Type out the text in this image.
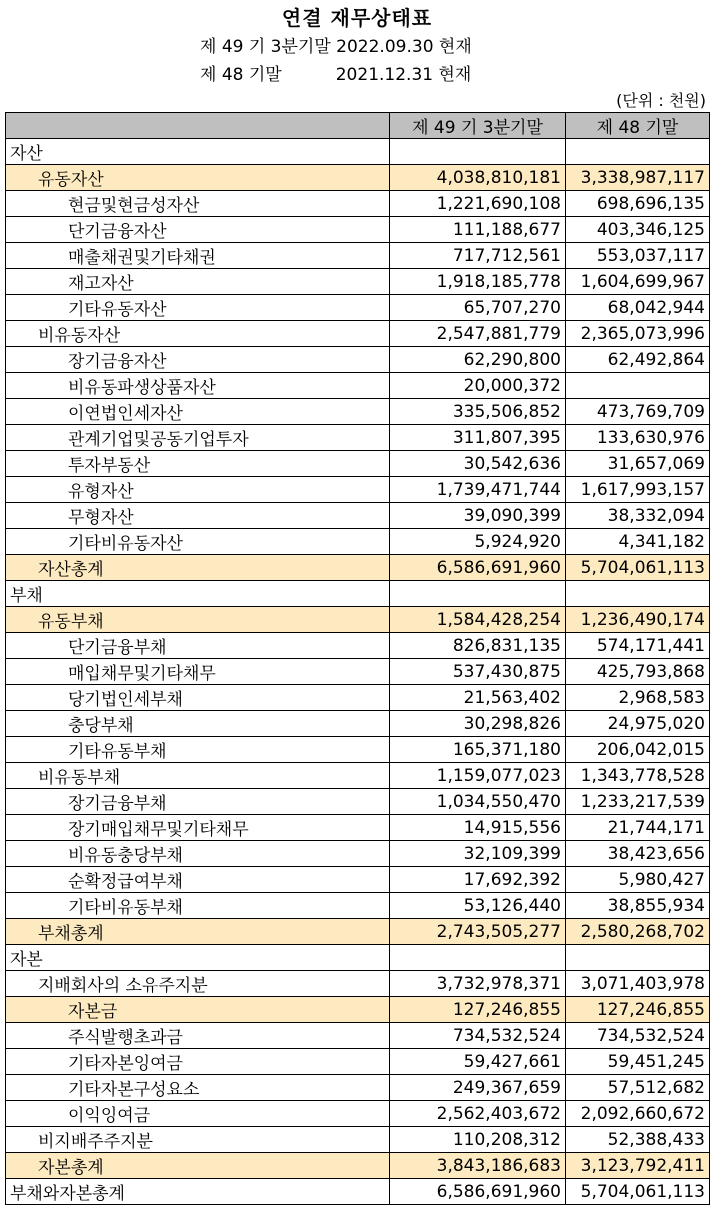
연결 재무상태표
제 49 기 3분기말 2022.09.30 현재
제 48 기말          2021.12.31 현재
(단위 : 천원)
	제 49 기 3분기말	제 48 기말
자산		
유동자산	4,038,810,181	3,338,987,117
현금및현금성자산	1,221,690,108	698,696,135
단기금융자산	111,188,677	403,346,125
매출채권및기타채권	717,712,561	553,037,117
재고자산	1,918,185,778	1,604,699,967
기타유동자산	65,707,270	68,042,944
비유동자산	2,547,881,779	2,365,073,996
장기금융자산	62,290,800	62,492,864
비유동파생상품자산	20,000,372	
이연법인세자산	335,506,852	473,769,709
관계기업및공동기업투자	311,807,395	133,630,976
투자부동산	30,542,636	31,657,069
유형자산	1,739,471,744	1,617,993,157
무형자산	39,090,399	38,332,094
기타비유동자산	5,924,920	4,341,182
자산총계	6,586,691,960	5,704,061,113
부채		
유동부채	1,584,428,254	1,236,490,174
단기금융부채	826,831,135	574,171,441
매입채무및기타채무	537,430,875	425,793,868
당기법인세부채	21,563,402	2,968,583
충당부채	30,298,826	24,975,020
기타유동부채	165,371,180	206,042,015
비유동부채	1,159,077,023	1,343,778,528
장기금융부채	1,034,550,470	1,233,217,539
장기매입채무및기타채무	14,915,556	21,744,171
비유동충당부채	32,109,399	38,423,656
순확정급여부채	17,692,392	5,980,427
기타비유동부채	53,126,440	38,855,934
부채총계	2,743,505,277	2,580,268,702
자본		
지배회사의 소유주지분	3,732,978,371	3,071,403,978
자본금	127,246,855	127,246,855
주식발행초과금	734,532,524	734,532,524
기타자본잉여금	59,427,661	59,451,245
기타자본구성요소	249,367,659	57,512,682
이익잉여금	2,562,403,672	2,092,660,672
비지배주주지분	110,208,312	52,388,433
자본총계	3,843,186,683	3,123,792,411
부채와자본총계	6,586,691,960	5,704,061,113
